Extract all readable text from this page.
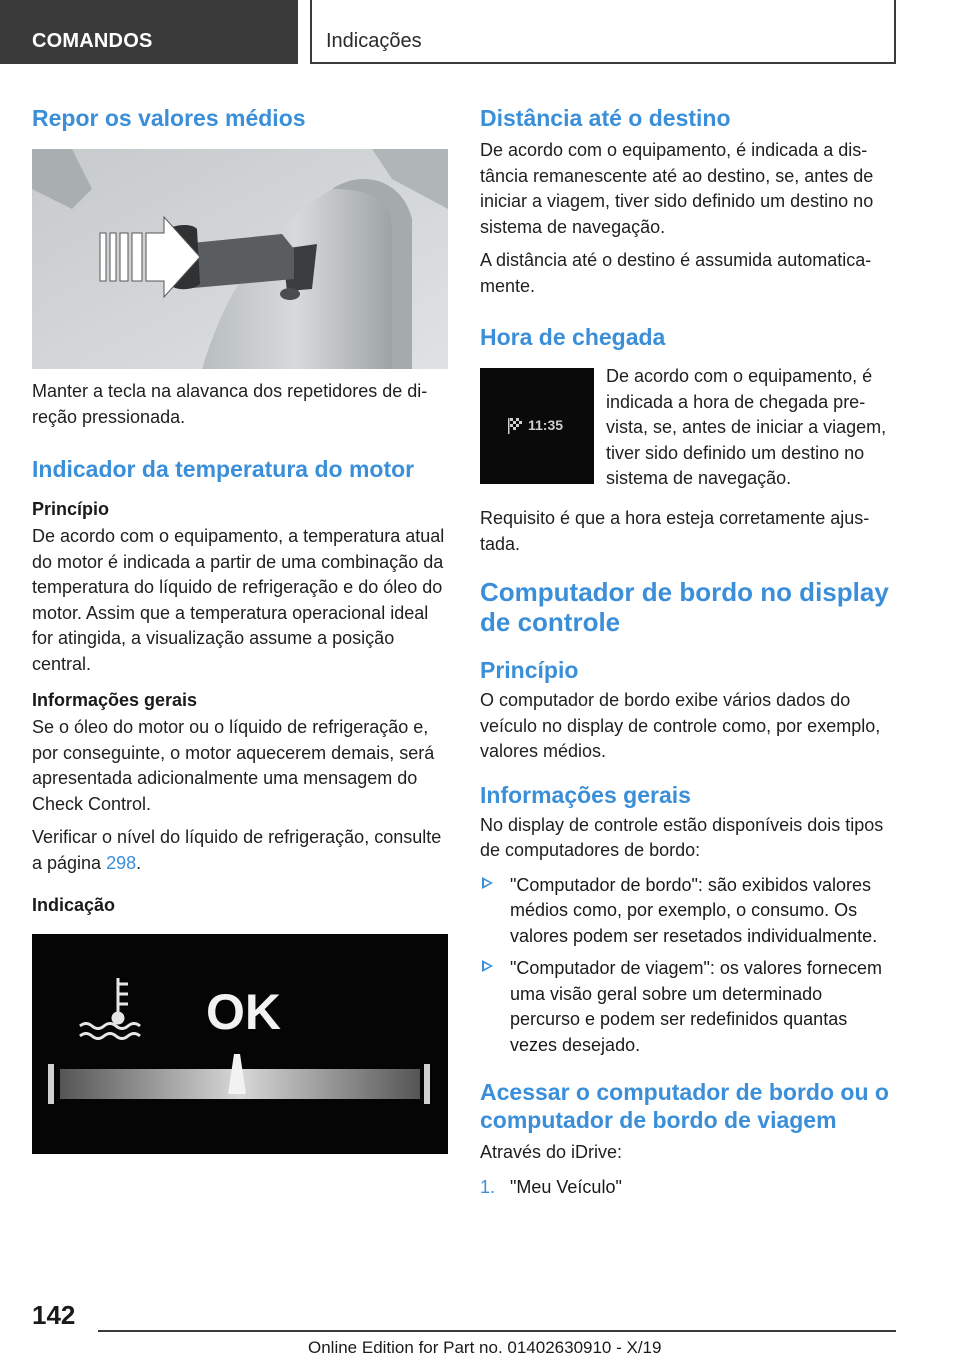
COMANDOS	Indicações
Repor os valores médios

Manter a tecla na alavanca dos repetidores de direção pressionada.

Indicador da temperatura do motor
Princípio

De acordo com o equipamento, a temperatura atual do motor é indicada a partir de uma combinação da temperatura do líquido de refrigeração e do óleo do motor. Assim que a temperatura operacional ideal for atingida, a visualização assume a posição central.

Informações gerais

Se o óleo do motor ou o líquido de refrigeração e, por conseguinte, o motor aquecerem demais, será apresentada adicionalmente uma mensagem do Check Control.

Verificar o nível do líquido de refrigeração, consulte a página 298.

Indicação
OK
Distância até o destino

De acordo com o equipamento, é indicada a distância remanescente até ao destino, se, antes de iniciar a viagem, tiver sido definido um destino no sistema de navegação.

A distância até o destino é assumida automaticamente.

Hora de chegada
11:35

De acordo com o equipamento, é indicada a hora de chegada prevista, se, antes de iniciar a viagem, tiver sido definido um destino no sistema de navegação.

Requisito é que a hora esteja corretamente ajustada.

Computador de bordo no display de controle
Princípio

O computador de bordo exibe vários dados do veículo no display de controle como, por exemplo, valores médios.

Informações gerais

No display de controle estão disponíveis dois tipos de computadores de bordo:

"Computador de bordo": são exibidos valores médios como, por exemplo, o consumo. Os valores podem ser resetados individualmente.
"Computador de viagem": os valores fornecem uma visão geral sobre um determinado percurso e podem ser redefinidos quantas vezes desejado.
Acessar o computador de bordo ou o computador de bordo de viagem

Através do iDrive:

1. "Meu Veículo"
142
Online Edition for Part no. 01402630910 - X/19
